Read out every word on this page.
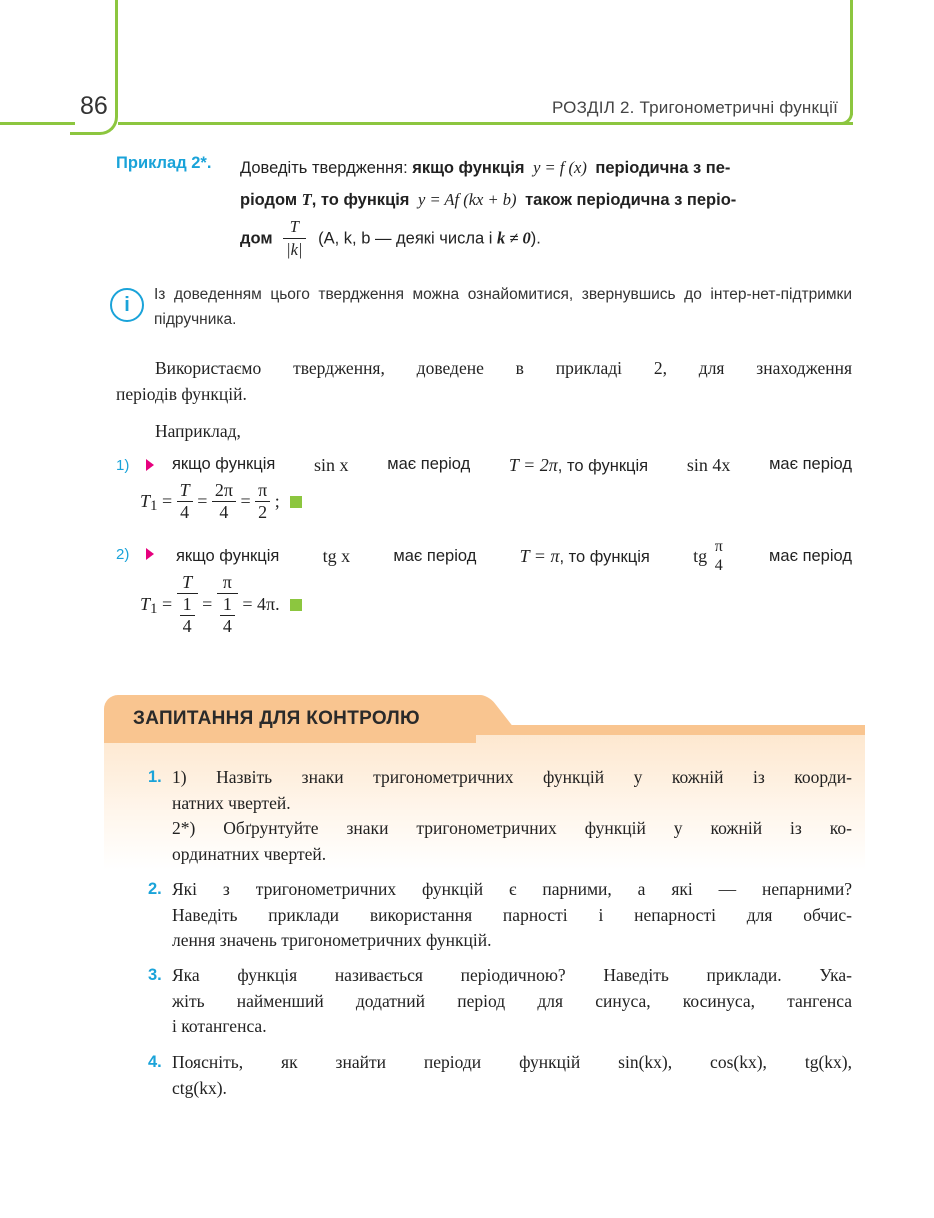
86	РОЗДІЛ 2. Тригонометричні функції
Приклад 2*. Доведіть твердження: якщо функція y = f (x) періодична з пе-
ріодом T, то функція y = Af (kx + b) також періодична з періо-
дом $\frac{T}{|k|} (A$, k, b — деякі числа і k ≠ 0).
i	Із доведенням цього твердження можна ознайомитися, звернувшись до інтер-нет-підтримки підручника.
Використаємо твердження, доведене в прикладі 2, для знаходження
періодів функцій.
Наприклад,
1)	якщо функція sin x має період T = 2π, то функція sin 4x має період
$T_1 = \frac{T}{4} = \frac{2\pi}{4} = \frac{\pi}{2}$ ;
2)	якщо функція tg x	має період T = π, то функція tg π
4
має період
$T_1 = \frac{T}{\frac{1}{4}} = \frac{\pi}{\frac{1}{4}} = 4\pi$.
ЗАПИТАННЯ ДЛЯ КОНТРОЛЮ
1. 1) Назвіть знаки тригонометричних функцій у кожній із коорди-
натних чвертей.
2*) Обґрунтуйте знаки тригонометричних функцій у кожній із ко-
ординатних чвертей.
2. Які з тригонометричних функцій є парними, а які — непарними?
Наведіть приклади використання парності і непарності для обчис-
лення значень тригонометричних функцій.
3. Яка функція називається періодичною? Наведіть приклади. Ука-
жіть найменший додатний період для синуса, косинуса, тангенса
і котангенса.
4. Поясніть, як знайти періоди функцій sin(kx), cos(kx), tg(kx),
ctg(kx).
